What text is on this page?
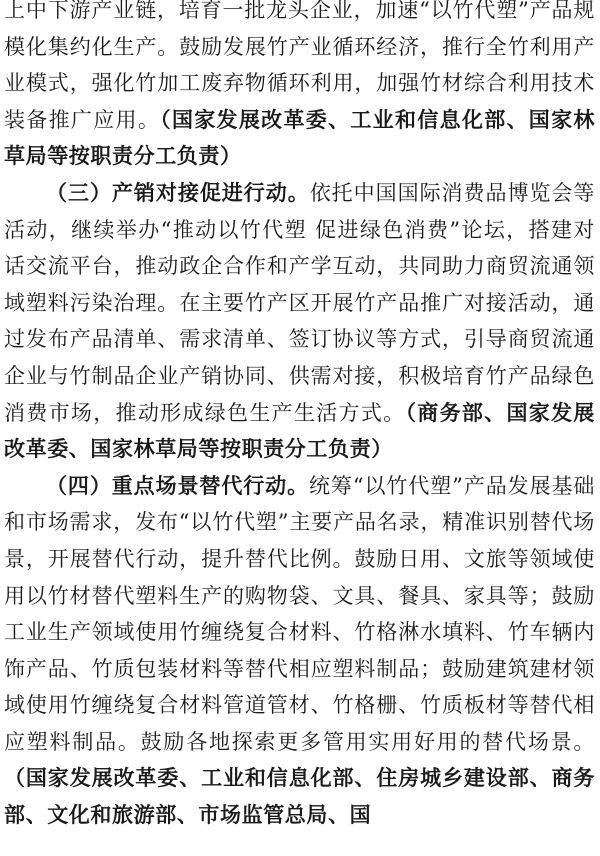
上中下游产业链，培育一批龙头企业，加速“以竹代塑”产品规模化集约化生产。鼓励发展竹产业循环经济，推行全竹利用产业模式，强化竹加工废弃物循环利用，加强竹材综合利用技术装备推广应用。（国家发展改革委、工业和信息化部、国家林草局等按职责分工负责）

（三）产销对接促进行动。依托中国国际消费品博览会等活动，继续举办“推动以竹代塑 促进绿色消费”论坛，搭建对话交流平台，推动政企合作和产学互动，共同助力商贸流通领域塑料污染治理。在主要竹产区开展竹产品推广对接活动，通过发布产品清单、需求清单、签订协议等方式，引导商贸流通企业与竹制品企业产销协同、供需对接，积极培育竹产品绿色消费市场，推动形成绿色生产生活方式。（商务部、国家发展改革委、国家林草局等按职责分工负责）

（四）重点场景替代行动。统筹“以竹代塑”产品发展基础和市场需求，发布“以竹代塑”主要产品名录，精准识别替代场景，开展替代行动，提升替代比例。鼓励日用、文旅等领域使用以竹材替代塑料生产的购物袋、文具、餐具、家具等；鼓励工业生产领域使用竹缠绕复合材料、竹格淋水填料、竹车辆内饰产品、竹质包装材料等替代相应塑料制品；鼓励建筑建材领域使用竹缠绕复合材料管道管材、竹格栅、竹质板材等替代相应塑料制品。鼓励各地探索更多管用实用好用的替代场景。（国家发展改革委、工业和信息化部、住房城乡建设部、商务部、文化和旅游部、市场监管总局、国
